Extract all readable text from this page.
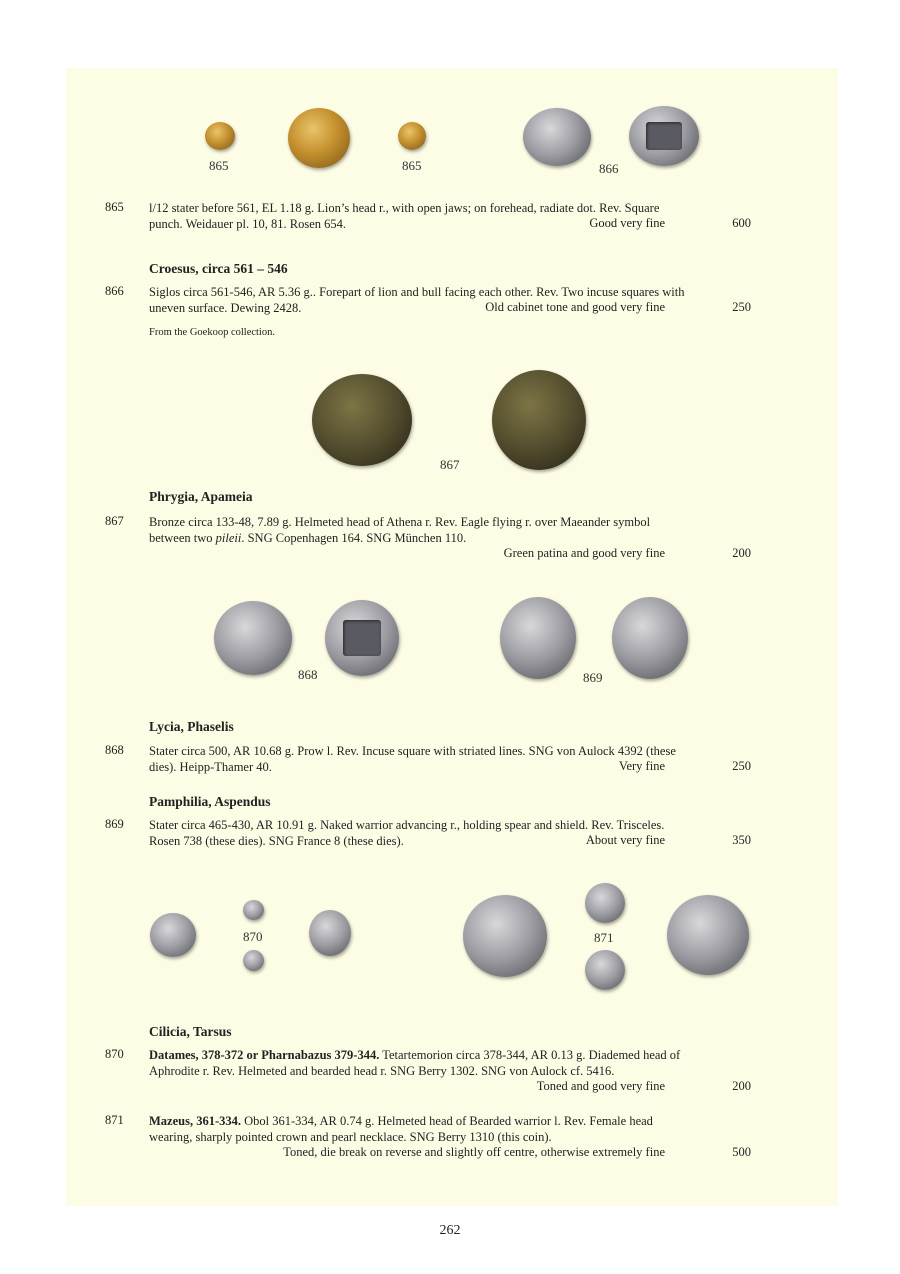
865	865	866
865 l/12 stater before 561, EL 1.18 g. Lion’s head r., with open jaws; on forehead, radiate dot. Rev. Square
punch. Weidauer pl. 10, 81. Rosen 654.	Good very fine	600
Croesus, circa 561 – 546
866 Siglos circa 561-546, AR 5.36 g.. Forepart of lion and bull facing each other. Rev. Two incuse squares with
uneven surface. Dewing 2428.	Old cabinet tone and good very fine	250
From the Goekoop collection.
867
Phrygia, Apameia
867 Bronze circa 133-48, 7.89 g. Helmeted head of Athena r. Rev. Eagle flying r. over Maeander symbol
between two pileii. SNG Copenhagen 164. SNG München 110.
Green patina and good very fine	200
868	869
Lycia, Phaselis
868 Stater circa 500, AR 10.68 g. Prow l. Rev. Incuse square with striated lines. SNG von Aulock 4392 (these
dies). Heipp-Thamer 40.	Very fine	250
Pamphilia, Aspendus
869 Stater circa 465-430, AR 10.91 g. Naked warrior advancing r., holding spear and shield. Rev. Trisceles.
Rosen 738 (these dies). SNG France 8 (these dies).	About very fine	350
870	871
Cilicia, Tarsus
870 Datames, 378-372 or Pharnabazus 379-344. Tetartemorion circa 378-344, AR 0.13 g. Diademed head of
Aphrodite r. Rev. Helmeted and bearded head r. SNG Berry 1302. SNG von Aulock cf. 5416.
Toned and good very fine	200
871 Mazeus, 361-334. Obol 361-334, AR 0.74 g. Helmeted head of Bearded warrior l. Rev. Female head
wearing, sharply pointed crown and pearl necklace. SNG Berry 1310 (this coin).
Toned, die break on reverse and slightly off centre, otherwise extremely fine	500
262
